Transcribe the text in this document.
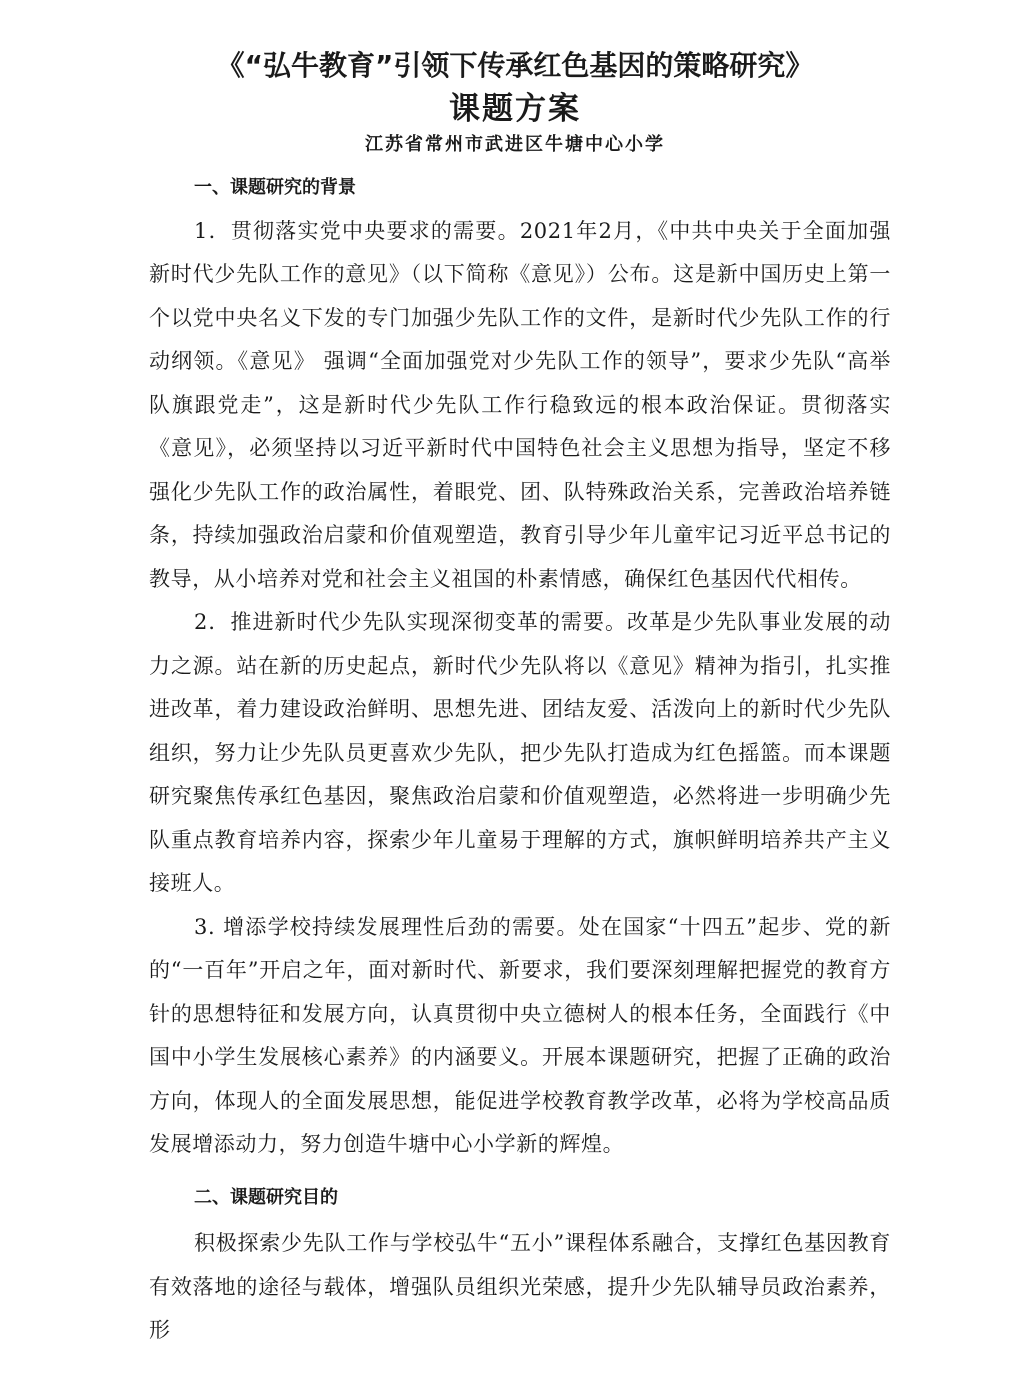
《“弘牛教育”引领下传承红色基因的策略研究》
课题方案
江苏省常州市武进区牛塘中心小学
一、课题研究的背景

1．贯彻落实党中央要求的需要。2021年2月，《中共中央关于全面加强新时代少先队工作的意见》（以下简称《意见》）公布。这是新中国历史上第一个以党中央名义下发的专门加强少先队工作的文件，是新时代少先队工作的行动纲领。《意见》 强调“全面加强党对少先队工作的领导”，要求少先队“高举队旗跟党走”，这是新时代少先队工作行稳致远的根本政治保证。贯彻落实《意见》，必须坚持以习近平新时代中国特色社会主义思想为指导，坚定不移强化少先队工作的政治属性，着眼党、团、队特殊政治关系，完善政治培养链条，持续加强政治启蒙和价值观塑造，教育引导少年儿童牢记习近平总书记的教导，从小培养对党和社会主义祖国的朴素情感，确保红色基因代代相传。

2．推进新时代少先队实现深彻变革的需要。改革是少先队事业发展的动力之源。站在新的历史起点，新时代少先队将以《意见》精神为指引，扎实推进改革，着力建设政治鲜明、思想先进、团结友爱、活泼向上的新时代少先队组织，努力让少先队员更喜欢少先队，把少先队打造成为红色摇篮。而本课题研究聚焦传承红色基因，聚焦政治启蒙和价值观塑造，必然将进一步明确少先队重点教育培养内容，探索少年儿童易于理解的方式，旗帜鲜明培养共产主义接班人。

3. 增添学校持续发展理性后劲的需要。处在国家“十四五”起步、党的新的“一百年”开启之年，面对新时代、新要求，我们要深刻理解把握党的教育方针的思想特征和发展方向，认真贯彻中央立德树人的根本任务，全面践行《中国中小学生发展核心素养》的内涵要义。开展本课题研究，把握了正确的政治方向，体现人的全面发展思想，能促进学校教育教学改革，必将为学校高品质发展增添动力，努力创造牛塘中心小学新的辉煌。

二、课题研究目的

积极探索少先队工作与学校弘牛“五小”课程体系融合，支撑红色基因教育有效落地的途径与载体，增强队员组织光荣感，提升少先队辅导员政治素养，形
